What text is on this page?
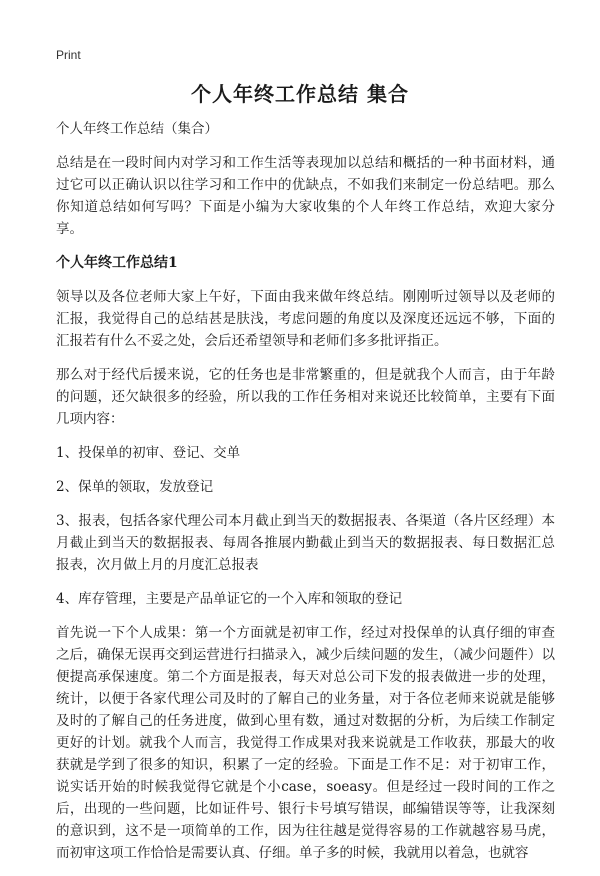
Print
个人年终工作总结 集合

个人年终工作总结（集合）

总结是在一段时间内对学习和工作生活等表现加以总结和概括的一种书面材料，通过它可以正确认识以往学习和工作中的优缺点，不如我们来制定一份总结吧。那么你知道总结如何写吗？下面是小编为大家收集的个人年终工作总结，欢迎大家分享。

个人年终工作总结1

领导以及各位老师大家上午好，下面由我来做年终总结。刚刚听过领导以及老师的汇报，我觉得自己的总结甚是肤浅，考虑问题的角度以及深度还远远不够，下面的汇报若有什么不妥之处，会后还希望领导和老师们多多批评指正。

那么对于经代后援来说，它的任务也是非常繁重的，但是就我个人而言，由于年龄的问题，还欠缺很多的经验，所以我的工作任务相对来说还比较简单，主要有下面几项内容：

1、投保单的初审、登记、交单

2、保单的领取，发放登记

3、报表，包括各家代理公司本月截止到当天的数据报表、各渠道（各片区经理）本月截止到当天的数据报表、每周各推展内勤截止到当天的数据报表、每日数据汇总报表，次月做上月的月度汇总报表

4、库存管理，主要是产品单证它的一个入库和领取的登记

首先说一下个人成果：第一个方面就是初审工作，经过对投保单的认真仔细的审查之后，确保无误再交到运营进行扫描录入，减少后续问题的发生，（减少问题件）以便提高承保速度。第二个方面是报表，每天对总公司下发的报表做进一步的处理，统计，以便于各家代理公司及时的了解自己的业务量，对于各位老师来说就是能够及时的了解自己的任务进度，做到心里有数，通过对数据的分析，为后续工作制定更好的计划。就我个人而言，我觉得工作成果对我来说就是工作收获，那最大的收获就是学到了很多的知识，积累了一定的经验。下面是工作不足：对于初审工作，说实话开始的时候我觉得它就是个小case，soeasy。但是经过一段时间的工作之后，出现的一些问题，比如证件号、银行卡号填写错误，邮编错误等等，让我深刻的意识到，这不是一项简单的工作，因为往往越是觉得容易的工作就越容易马虎，而初审这项工作恰恰是需要认真、仔细。单子多的时候，我就用以着急，也就容
